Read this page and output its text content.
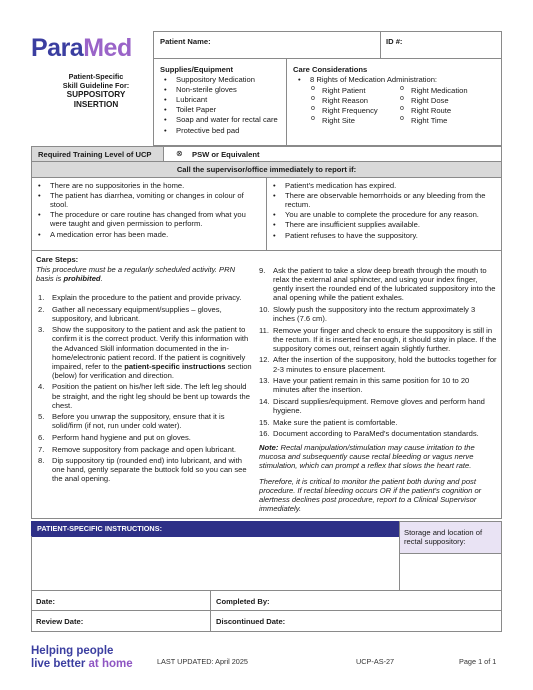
ParaMed	Patient Name:	ID #:
Patient-Specific
Skill Guideline For:
SUPPOSITORY
INSERTION
Supplies/Equipment
• Suppository Medication
• Non-sterile gloves
• Lubricant
• Toilet Paper
• Soap and water for rectal care
• Protective bed pad
Care Considerations
• 8 Rights of Medication Administration:
o Right Patient
o Right Reason
o Right Frequency
o Right Site
o Right Medication
o Right Dose
o Right Route
o Right Time
Required Training Level of UCP	⊗ PSW or Equivalent
Call the supervisor/office immediately to report if:
• There are no suppositories in the home.
• The patient has diarrhea, vomiting or changes in colour of stool.
• The procedure or care routine has changed from what you were taught and given permission to perform.
• A medication error has been made.
• Patient's medication has expired.
• There are observable hemorrhoids or any bleeding from the rectum.
• You are unable to complete the procedure for any reason.
• There are insufficient supplies available.
• Patient refuses to have the suppository.
Care Steps:
This procedure must be a regularly scheduled activity. PRN basis is prohibited.
1. Explain the procedure to the patient and provide privacy.
2. Gather all necessary equipment/supplies – gloves, suppository, and lubricant.
3. Show the suppository to the patient and ask the patient to confirm it is the correct product. Verify this information with the Advanced Skill information documented in the in-home/electronic patient record. If the patient is cognitively impaired, refer to the patient-specific instructions section (below) for verification and direction.
4. Position the patient on his/her left side. The left leg should be straight, and the right leg should be bent up towards the chest.
5. Before you unwrap the suppository, ensure that it is solid/firm (if not, run under cold water).
6. Perform hand hygiene and put on gloves.
7. Remove suppository from package and open lubricant.
8. Dip suppository tip (rounded end) into lubricant, and with one hand, gently separate the buttock fold so you can see the anal opening.
9. Ask the patient to take a slow deep breath through the mouth to relax the external anal sphincter, and using your index finger, gently insert the rounded end of the lubricated suppository into the anal opening while the patient exhales.
10. Slowly push the suppository into the rectum approximately 3 inches (7.6 cm).
11. Remove your finger and check to ensure the suppository is still in the rectum. If it is inserted far enough, it should stay in place. If the suppository comes out, reinsert again slightly further.
12. After the insertion of the suppository, hold the buttocks together for 2-3 minutes to ensure placement.
13. Have your patient remain in this same position for 10 to 20 minutes after the insertion.
14. Discard supplies/equipment. Remove gloves and perform hand hygiene.
15. Make sure the patient is comfortable.
16. Document according to ParaMed's documentation standards.
Note: Rectal manipulation/stimulation may cause irritation to the mucosa and subsequently cause rectal bleeding or vagus nerve stimulation, which can prompt a reflex that slows the heart rate.
Therefore, it is critical to monitor the patient both during and post procedure. If rectal bleeding occurs OR if the patient's cognition or alertness declines post procedure, report to a Clinical Supervisor immediately.
PATIENT-SPECIFIC INSTRUCTIONS:	Storage and location of rectal suppository:
Date:	Completed By:
Review Date:	Discontinued Date:
Helping people
live better at home	LAST UPDATED: April 2025	UCP-AS-27	Page 1 of 1
